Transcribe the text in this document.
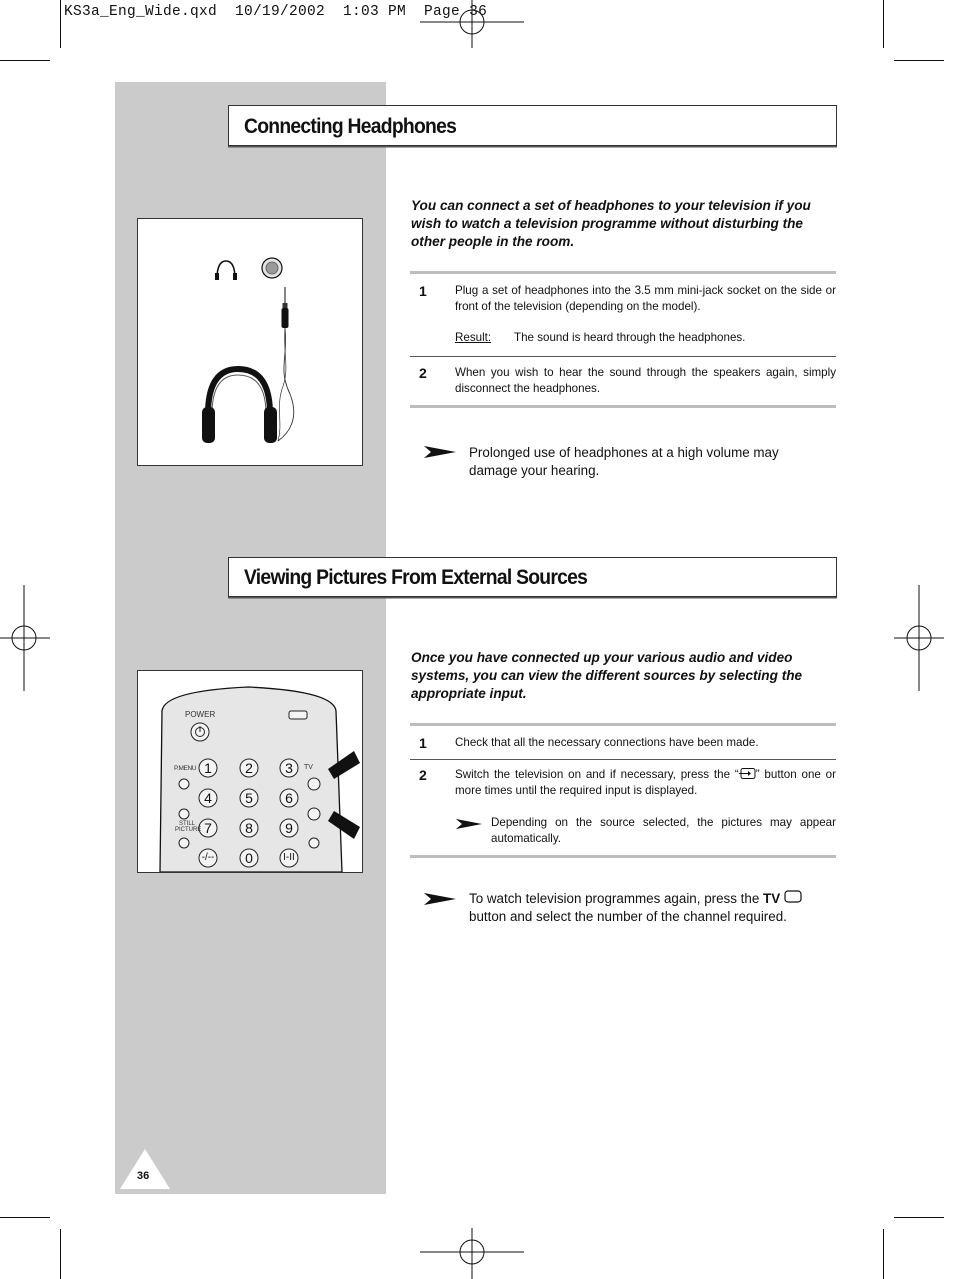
KS3a_Eng_Wide.qxd  10/19/2002  1:03 PM  Page 36
36
Connecting Headphones
You can connect a set of headphones to your television if you wish to watch a television programme without disturbing the other people in the room.
1 Plug a set of headphones into the 3.5 mm mini-jack socket on the side or front of the television (depending on the model).
Result: The sound is heard through the headphones.
2 When you wish to hear the sound through the speakers again, simply disconnect the headphones.
Prolonged use of headphones at a high volume may damage your hearing.
Viewing Pictures From External Sources
POWER
P.MENU
STILL
PICTURE
TV
1	2	3
4	5	6
7	8	9
-/--	0	I-II
Once you have connected up your various audio and video systems, you can view the different sources by selecting the appropriate input.
1 Check that all the necessary connections have been made.
2 Switch the television on and if necessary, press the “ ” button one or more times until the required input is displayed.
Depending on the source selected, the pictures may appear automatically.
To watch television programmes again, press the TV  button and select the number of the channel required.
